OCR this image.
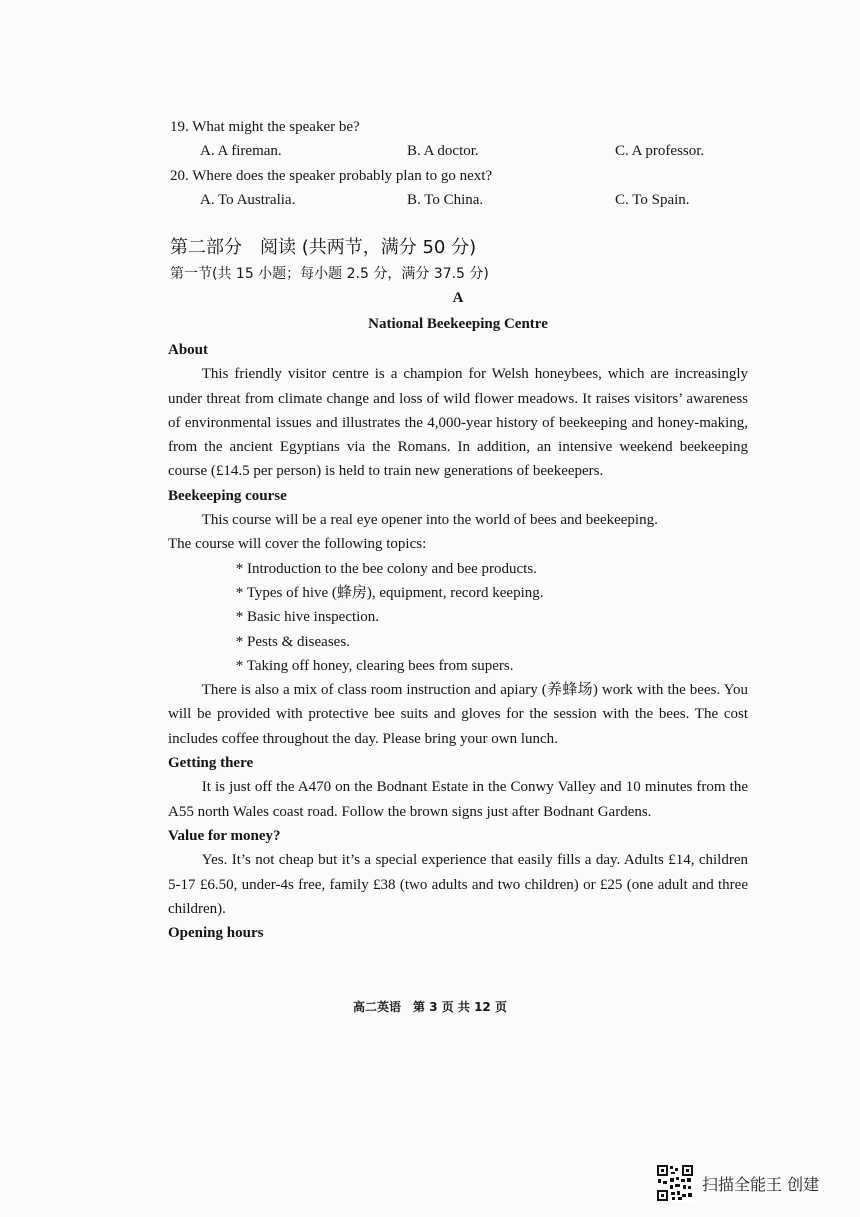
19. What might the speaker be?
A. A fireman.	B. A doctor.	C. A professor.
20. Where does the speaker probably plan to go next?
A. To Australia.	B. To China.	C. To Spain.
第二部分　阅读 (共两节，满分 50 分)
第一节(共 15 小题；每小题 2.5 分，满分 37.5 分)
A
National Beekeeping Centre
About

This friendly visitor centre is a champion for Welsh honeybees, which are increasingly under threat from climate change and loss of wild flower meadows. It raises visitors’ awareness of environmental issues and illustrates the 4,000-year history of beekeeping and honey-making, from the ancient Egyptians via the Romans. In addition, an intensive weekend beekeeping course (£14.5 per person) is held to train new generations of beekeepers.

Beekeeping course

This course will be a real eye opener into the world of bees and beekeeping.

The course will cover the following topics:

* Introduction to the bee colony and bee products.

* Types of hive (蜂房), equipment, record keeping.

* Basic hive inspection.

* Pests & diseases.

* Taking off honey, clearing bees from supers.

There is also a mix of class room instruction and apiary (养蜂场) work with the bees. You will be provided with protective bee suits and gloves for the session with the bees. The cost includes coffee throughout the day. Please bring your own lunch.

Getting there

It is just off the A470 on the Bodnant Estate in the Conwy Valley and 10 minutes from the A55 north Wales coast road. Follow the brown signs just after Bodnant Gardens.

Value for money?

Yes. It’s not cheap but it’s a special experience that easily fills a day. Adults £14, children 5-17 £6.50, under-4s free, family £38 (two adults and two children) or £25 (one adult and three children).

Opening hours
高二英语　第 3 页 共 12 页
扫描全能王 创建
